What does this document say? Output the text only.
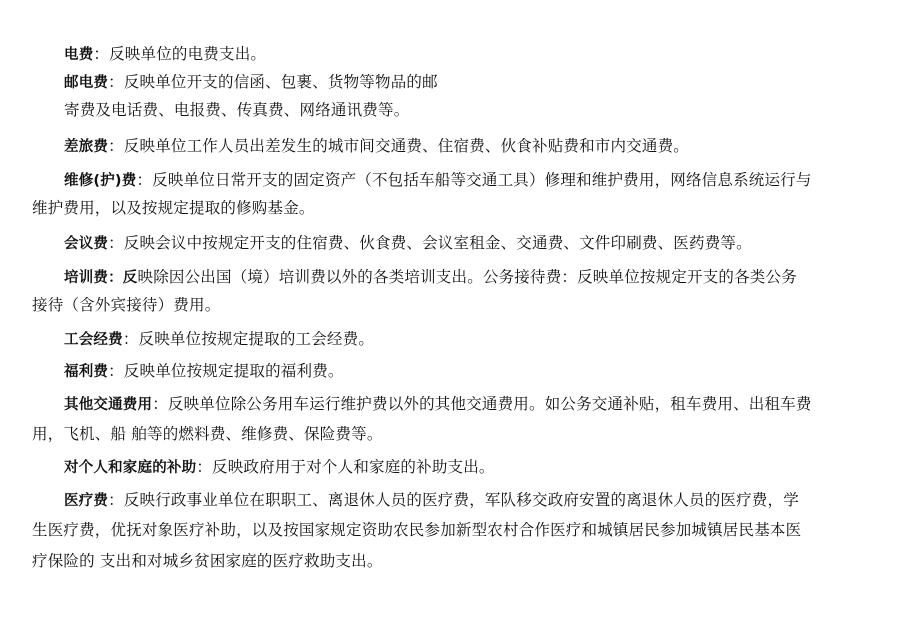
电费：反映单位的电费支出。
邮电费：反映单位开支的信函、包裹、货物等物品的邮
寄费及电话费、电报费、传真费、网络通讯费等。
差旅费：反映单位工作人员出差发生的城市间交通费、住宿费、伙食补贴费和市内交通费。
维修(护)费：反映单位日常开支的固定资产（不包括车船等交通工具）修理和维护费用，网络信息系统运行与
维护费用，以及按规定提取的修购基金。
会议费：反映会议中按规定开支的住宿费、伙食费、会议室租金、交通费、文件印刷费、医药费等。
培训费：反映除因公出国（境）培训费以外的各类培训支出。公务接待费：反映单位按规定开支的各类公务
接待（含外宾接待）费用。
工会经费：反映单位按规定提取的工会经费。
福利费：反映单位按规定提取的福利费。
其他交通费用：反映单位除公务用车运行维护费以外的其他交通费用。如公务交通补贴，租车费用、出租车费
用，飞机、船 舶等的燃料费、维修费、保险费等。
对个人和家庭的补助：反映政府用于对个人和家庭的补助支出。
医疗费：反映行政事业单位在职职工、离退休人员的医疗费，军队移交政府安置的离退休人员的医疗费，学
生医疗费，优抚对象医疗补助，以及按国家规定资助农民参加新型农村合作医疗和城镇居民参加城镇居民基本医
疗保险的 支出和对城乡贫困家庭的医疗救助支出。
